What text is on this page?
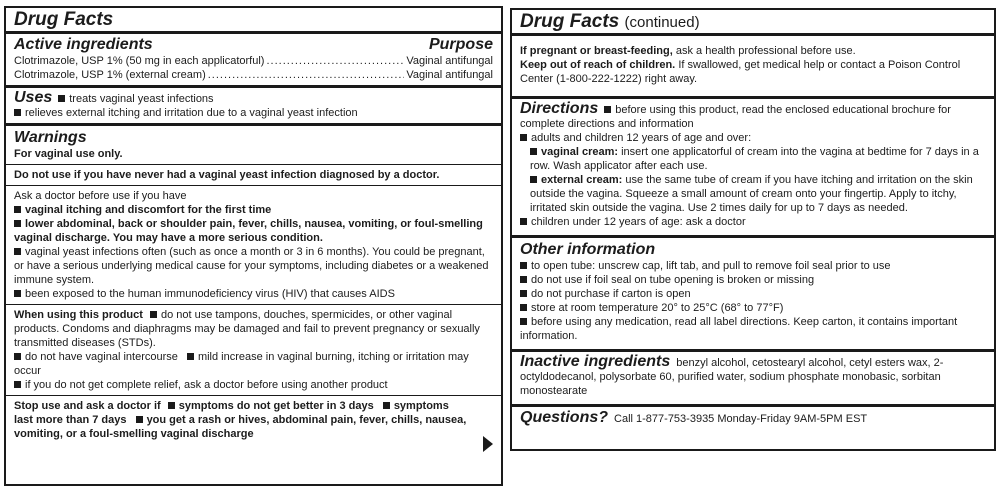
Drug Facts
Active ingredients	Purpose
Clotrimazole, USP 1% (50 mg in each applicatorful) .....	Vaginal antifungal
Clotrimazole, USP 1% (external cream) .....	Vaginal antifungal
Uses treats vaginal yeast infections
relieves external itching and irritation due to a vaginal yeast infection
Warnings
For vaginal use only.
Do not use if you have never had a vaginal yeast infection diagnosed by a doctor.
Ask a doctor before use if you have
vaginal itching and discomfort for the first time
lower abdominal, back or shoulder pain, fever, chills, nausea, vomiting, or foul-smelling vaginal discharge. You may have a more serious condition.
vaginal yeast infections often (such as once a month or 3 in 6 months). You could be pregnant, or have a serious underlying medical cause for your symptoms, including diabetes or a weakened immune system.
been exposed to the human immunodeficiency virus (HIV) that causes AIDS
When using this product do not use tampons, douches, spermicides, or other vaginal products. Condoms and diaphragms may be damaged and fail to prevent pregnancy or sexually transmitted diseases (STDs).
do not have vaginal intercourse mild increase in vaginal burning, itching or irritation may occur
if you do not get complete relief, ask a doctor before using another product
Stop use and ask a doctor if symptoms do not get better in 3 days symptoms last more than 7 days you get a rash or hives, abdominal pain, fever, chills, nausea, vomiting, or a foul-smelling vaginal discharge
Drug Facts (continued)
If pregnant or breast-feeding, ask a health professional before use.
Keep out of reach of children. If swallowed, get medical help or contact a Poison Control Center (1-800-222-1222) right away.
Directions before using this product, read the enclosed educational brochure for complete directions and information
adults and children 12 years of age and over:
vaginal cream: insert one applicatorful of cream into the vagina at bedtime for 7 days in a row. Wash applicator after each use.
external cream: use the same tube of cream if you have itching and irritation on the skin outside the vagina. Squeeze a small amount of cream onto your fingertip. Apply to itchy, irritated skin outside the vagina. Use 2 times daily for up to 7 days as needed.
children under 12 years of age: ask a doctor
Other information
to open tube: unscrew cap, lift tab, and pull to remove foil seal prior to use
do not use if foil seal on tube opening is broken or missing
do not purchase if carton is open
store at room temperature 20° to 25°C (68° to 77°F)
before using any medication, read all label directions. Keep carton, it contains important information.
Inactive ingredients benzyl alcohol, cetostearyl alcohol, cetyl esters wax, 2-octyldodecanol, polysorbate 60, purified water, sodium phosphate monobasic, sorbitan monostearate
Questions? Call 1-877-753-3935 Monday-Friday 9AM-5PM EST
